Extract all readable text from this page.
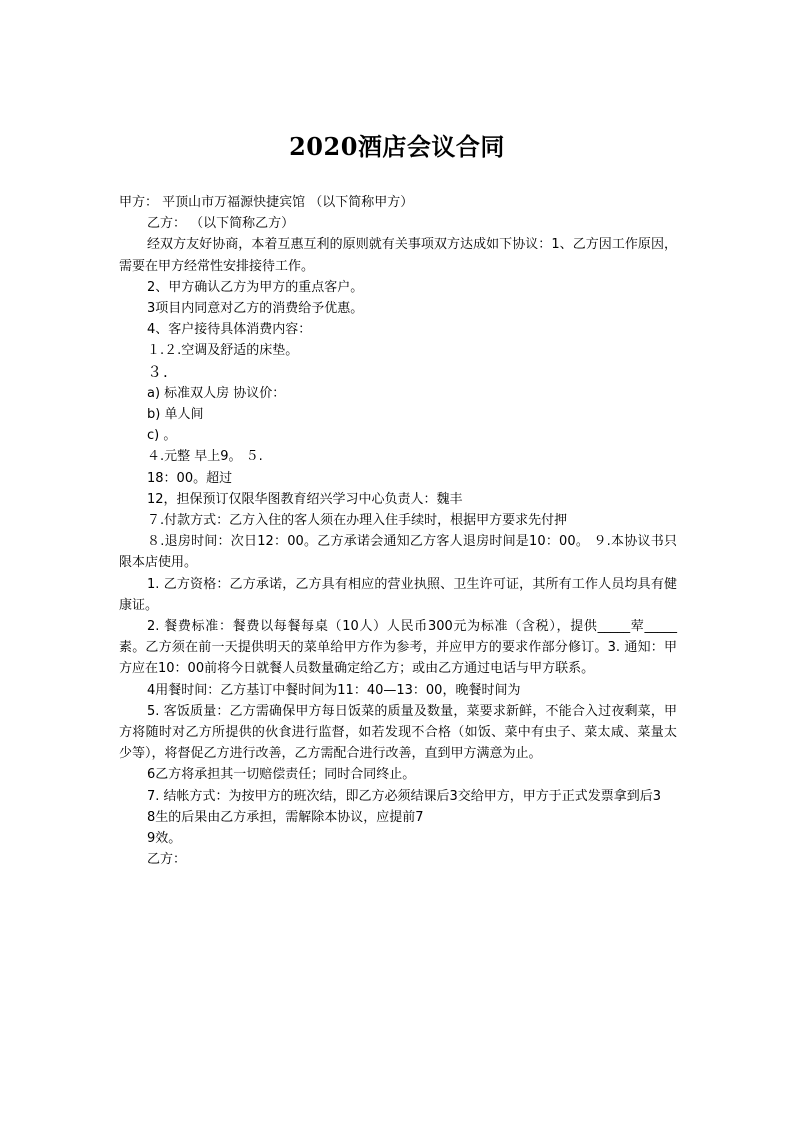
2020酒店会议合同

甲方： 平顶山市万福源快捷宾馆 （以下简称甲方）

乙方： （以下简称乙方）

经双方友好协商，本着互惠互利的原则就有关事项双方达成如下协议：1、乙方因工作原因，需要在甲方经常性安排接待工作。

2、甲方确认乙方为甲方的重点客户。

3项目内同意对乙方的消费给予优惠。

4、客户接待具体消费内容：

１.２.空调及舒适的床垫。

３.

a) 标准双人房 协议价：

b) 单人间

c) 。

４.元整 早上9。 ５.

18：00。超过

12，担保预订仅限华图教育绍兴学习中心负责人：魏丰

７.付款方式：乙方入住的客人须在办理入住手续时，根据甲方要求先付押

８.退房时间：次日12：00。乙方承诺会通知乙方客人退房时间是10：00。 ９.本协议书只限本店使用。

1. 乙方资格：乙方承诺，乙方具有相应的营业执照、卫生许可证，其所有工作人员均具有健康证。

2. 餐费标准：餐费以每餐每桌（10人）人民币300元为标准（含税），提供_____荤_____素。乙方须在前一天提供明天的菜单给甲方作为参考，并应甲方的要求作部分修订。3. 通知：甲方应在10：00前将今日就餐人员数量确定给乙方；或由乙方通过电话与甲方联系。

4用餐时间：乙方基订中餐时间为11：40—13：00，晚餐时间为

5. 客饭质量：乙方需确保甲方每日饭菜的质量及数量，菜要求新鲜，不能合入过夜剩菜，甲方将随时对乙方所提供的伙食进行监督，如若发现不合格（如饭、菜中有虫子、菜太咸、菜量太少等），将督促乙方进行改善，乙方需配合进行改善，直到甲方满意为止。

6乙方将承担其一切赔偿责任；同时合同终止。

7. 结帐方式：为按甲方的班次结，即乙方必须结课后3交给甲方，甲方于正式发票拿到后3

8生的后果由乙方承担，需解除本协议，应提前7

9效。

乙方：
